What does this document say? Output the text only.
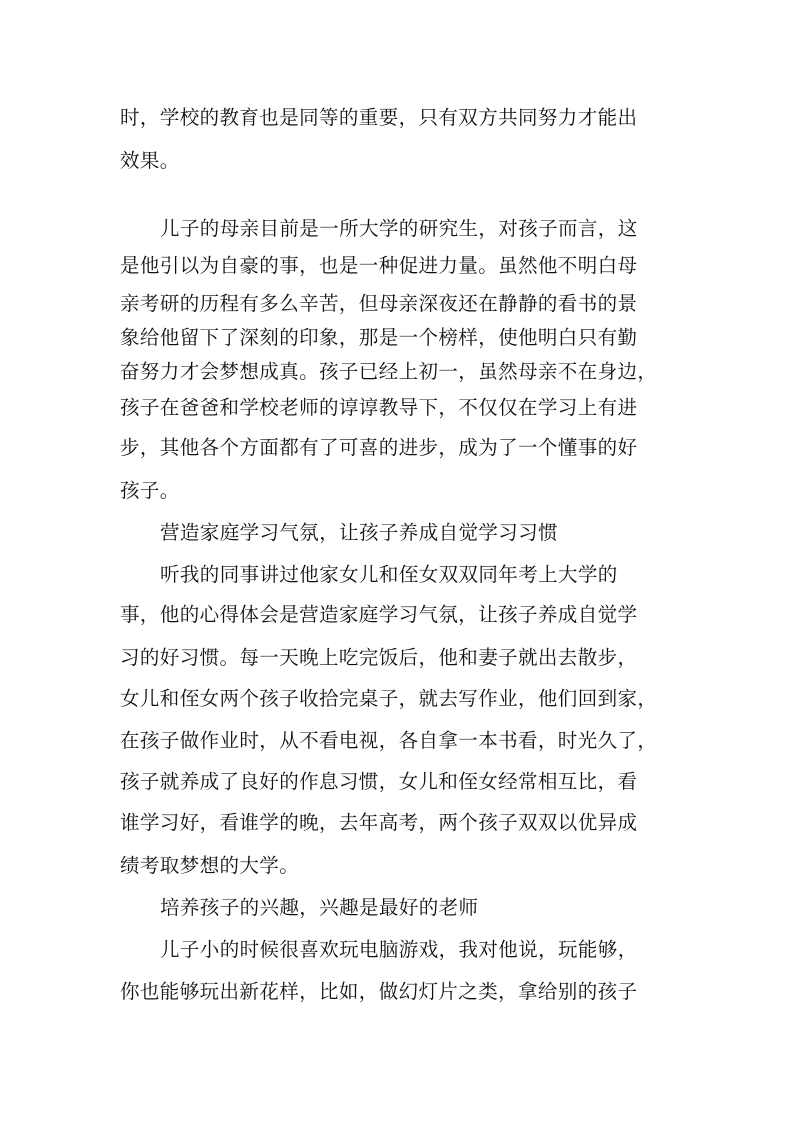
时，学校的教育也是同等的重要，只有双方共同努力才能出
效果。
儿子的母亲目前是一所大学的研究生，对孩子而言，这
是他引以为自豪的事，也是一种促进力量。虽然他不明白母
亲考研的历程有多么辛苦，但母亲深夜还在静静的看书的景
象给他留下了深刻的印象，那是一个榜样，使他明白只有勤
奋努力才会梦想成真。孩子已经上初一，虽然母亲不在身边，
孩子在爸爸和学校老师的谆谆教导下，不仅仅在学习上有进
步，其他各个方面都有了可喜的进步，成为了一个懂事的好
孩子。
营造家庭学习气氛，让孩子养成自觉学习习惯
听我的同事讲过他家女儿和侄女双双同年考上大学的
事，他的心得体会是营造家庭学习气氛，让孩子养成自觉学
习的好习惯。每一天晚上吃完饭后，他和妻子就出去散步，
女儿和侄女两个孩子收拾完桌子，就去写作业，他们回到家，
在孩子做作业时，从不看电视，各自拿一本书看，时光久了，
孩子就养成了良好的作息习惯，女儿和侄女经常相互比，看
谁学习好，看谁学的晚，去年高考，两个孩子双双以优异成
绩考取梦想的大学。
培养孩子的兴趣，兴趣是最好的老师
儿子小的时候很喜欢玩电脑游戏，我对他说，玩能够，
你也能够玩出新花样，比如，做幻灯片之类，拿给别的孩子
